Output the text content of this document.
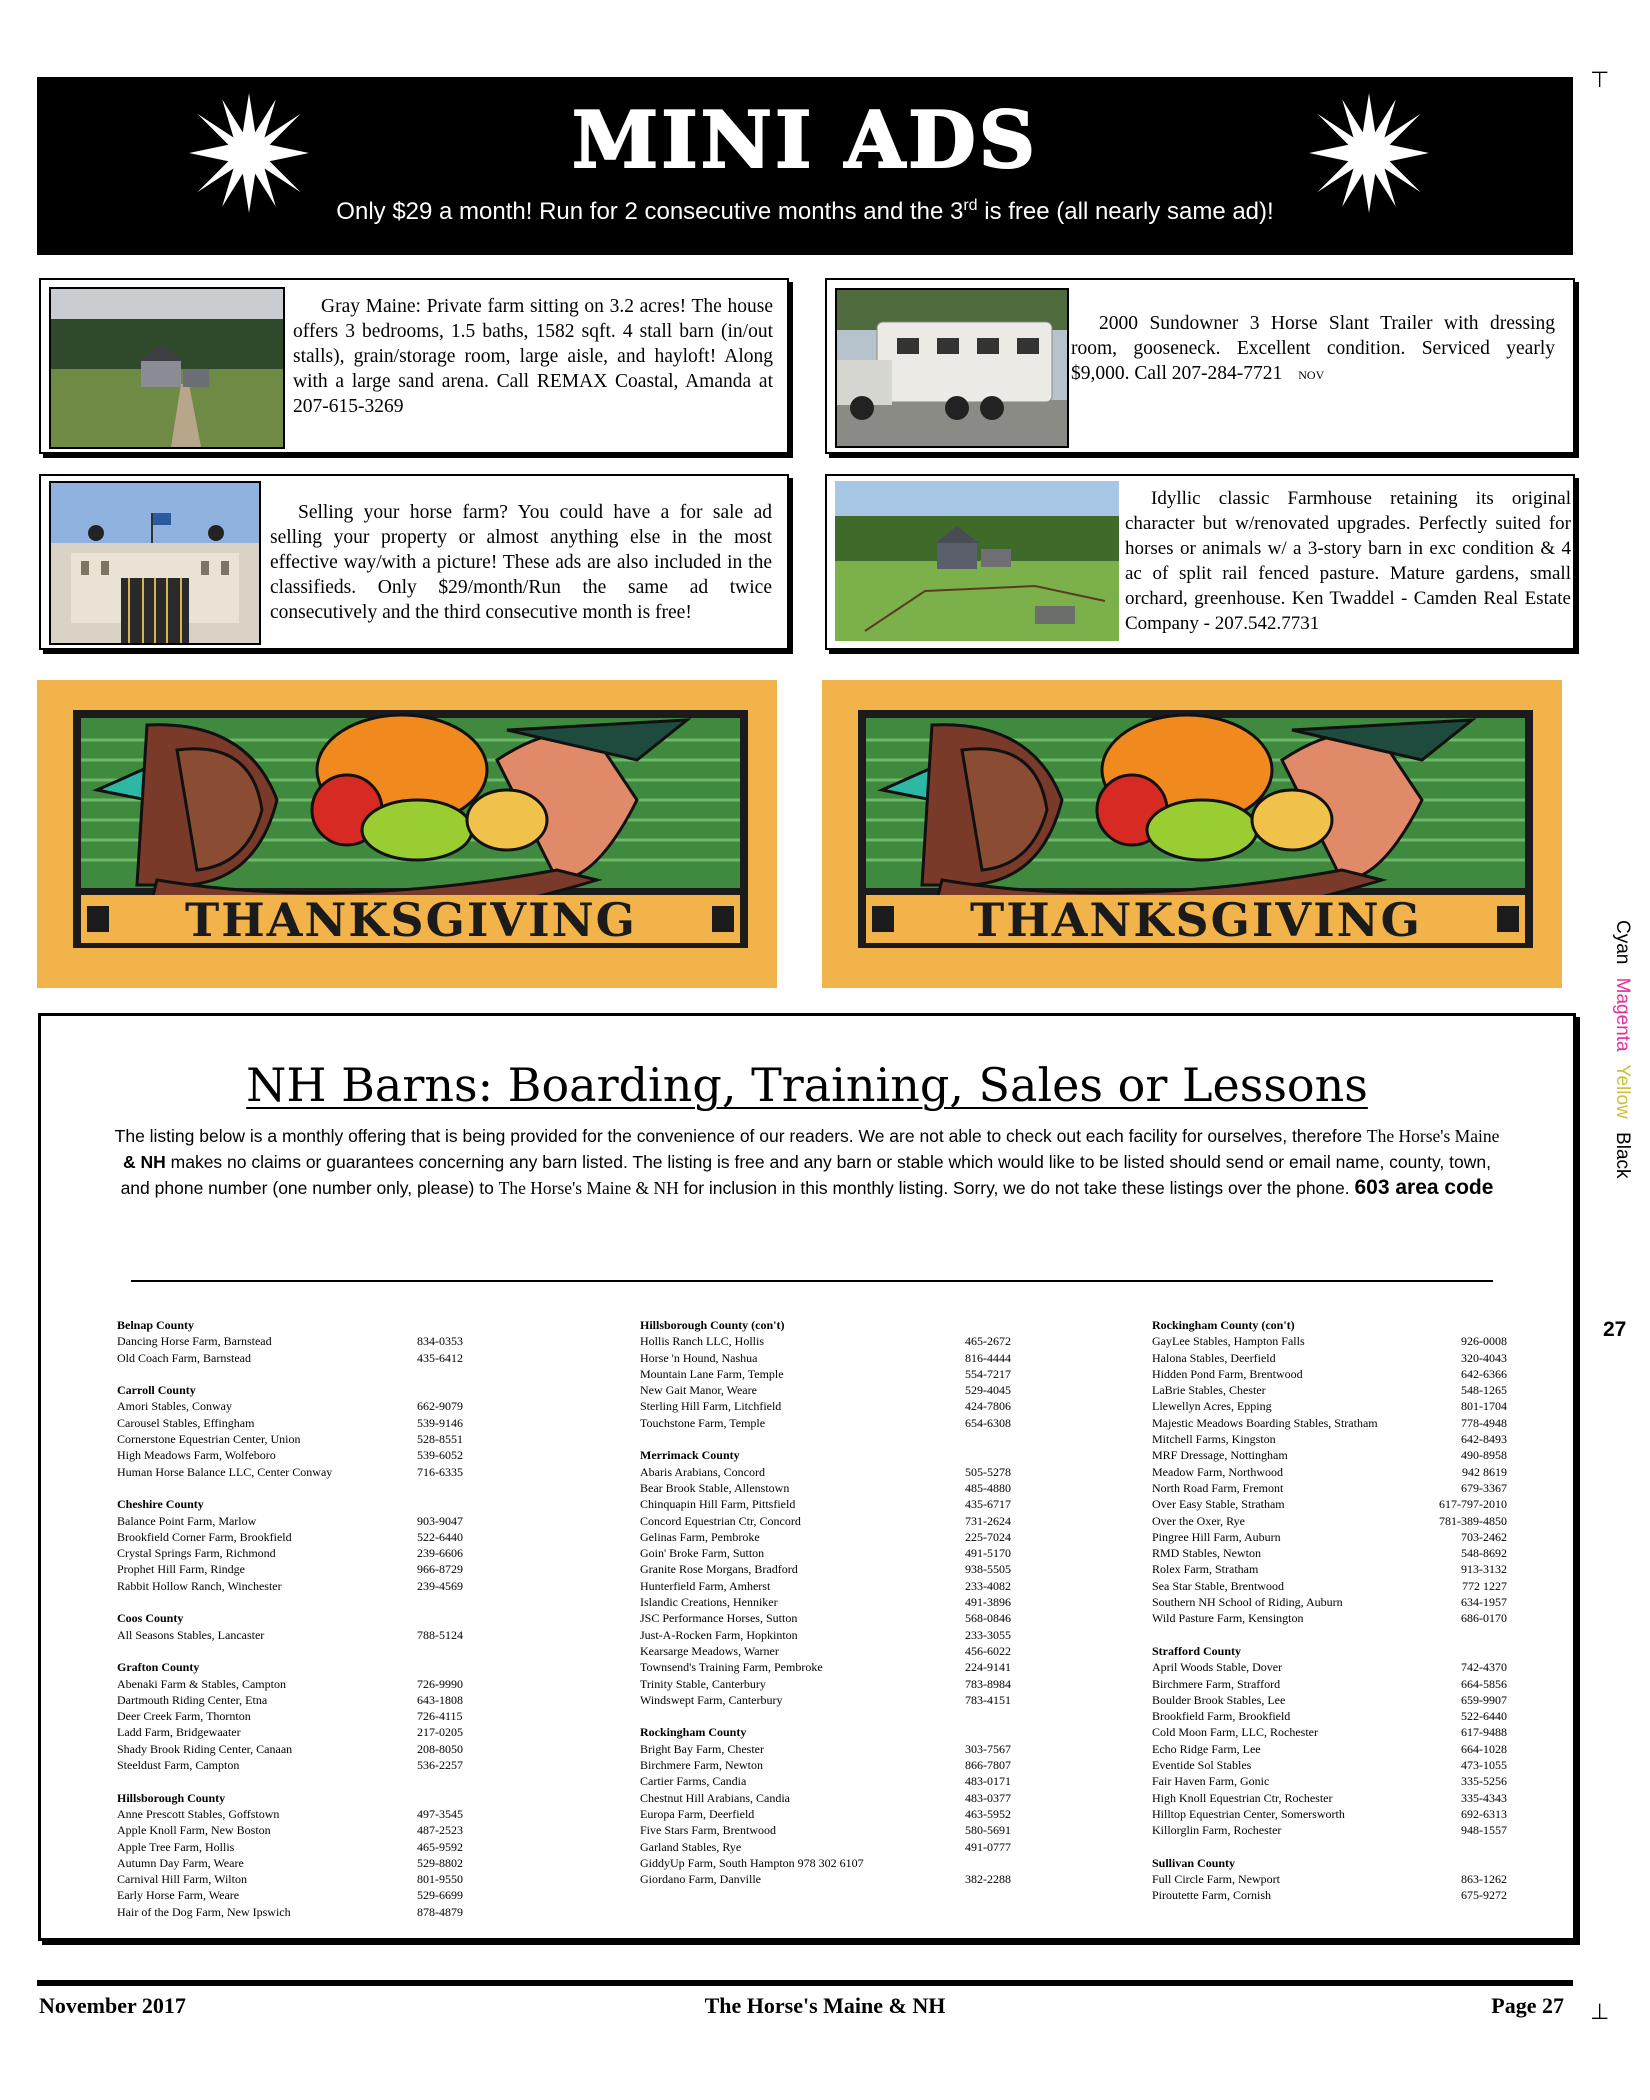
MINI ADS
Only $29 a month! Run for 2 consecutive months and the 3rd is free (all nearly same ad)!
Gray Maine: Private farm sitting on 3.2 acres! The house offers 3 bedrooms, 1.5 baths, 1582 sqft. 4 stall barn (in/out stalls), grain/storage room, large aisle, and hayloft! Along with a large sand arena. Call REMAX Coastal, Amanda at 207-615-3269
2000 Sundowner 3 Horse Slant Trailer with dressing room, gooseneck. Excellent condition. Serviced yearly $9,000. Call 207-284-7721 NOV
Selling your horse farm? You could have a for sale ad selling your property or almost anything else in the most effective way/with a picture! These ads are also included in the classifieds. Only $29/month/Run the same ad twice consecutively and the third consecutive month is free!
Idyllic classic Farmhouse retaining its original character but w/renovated upgrades. Perfectly suited for horses or animals w/ a 3-story barn in exc condition & 4 ac of split rail fenced pasture. Mature gardens, small orchard, greenhouse. Ken Twaddel - Camden Real Estate Company - 207.542.7731
THANKSGIVING	THANKSGIVING	Cyan Magenta Yellow Black
27
NH Barns: Boarding, Training, Sales or Lessons
The listing below is a monthly offering that is being provided for the convenience of our readers. We are not able to check out each facility for ourselves, therefore The Horse's Maine & NH makes no claims or guarantees concerning any barn listed. The listing is free and any barn or stable which would like to be listed should send or email name, county, town, and phone number (one number only, please) to The Horse's Maine & NH for inclusion in this monthly listing. Sorry, we do not take these listings over the phone. 603 area code
Belnap County
Dancing Horse Farm, Barnstead	834-0353
Old Coach Farm, Barnstead	435-6412
Carroll County
Amori Stables, Conway	662-9079
Carousel Stables, Effingham	539-9146
Cornerstone Equestrian Center, Union	528-8551
High Meadows Farm, Wolfeboro	539-6052
Human Horse Balance LLC, Center Conway	716-6335
Cheshire County
Balance Point Farm, Marlow	903-9047
Brookfield Corner Farm, Brookfield	522-6440
Crystal Springs Farm, Richmond	239-6606
Prophet Hill Farm, Rindge	966-8729
Rabbit Hollow Ranch, Winchester	239-4569
Coos County
All Seasons Stables, Lancaster	788-5124
Grafton County
Abenaki Farm & Stables, Campton	726-9990
Dartmouth Riding Center, Etna	643-1808
Deer Creek Farm, Thornton	726-4115
Ladd Farm, Bridgewaater	217-0205
Shady Brook Riding Center, Canaan	208-8050
Steeldust Farm, Campton	536-2257
Hillsborough County
Anne Prescott Stables, Goffstown	497-3545
Apple Knoll Farm, New Boston	487-2523
Apple Tree Farm, Hollis	465-9592
Autumn Day Farm, Weare	529-8802
Carnival Hill Farm, Wilton	801-9550
Early Horse Farm, Weare	529-6699
Hair of the Dog Farm, New Ipswich	878-4879
Hillsborough County (con't)
Hollis Ranch LLC, Hollis	465-2672
Horse 'n Hound, Nashua	816-4444
Mountain Lane Farm, Temple	554-7217
New Gait Manor, Weare	529-4045
Sterling Hill Farm, Litchfield	424-7806
Touchstone Farm, Temple	654-6308
Merrimack County
Abaris Arabians, Concord	505-5278
Bear Brook Stable, Allenstown	485-4880
Chinquapin Hill Farm, Pittsfield	435-6717
Concord Equestrian Ctr, Concord	731-2624
Gelinas Farm, Pembroke	225-7024
Goin' Broke Farm, Sutton	491-5170
Granite Rose Morgans, Bradford	938-5505
Hunterfield Farm, Amherst	233-4082
Islandic Creations, Henniker	491-3896
JSC Performance Horses, Sutton	568-0846
Just-A-Rocken Farm, Hopkinton	233-3055
Kearsarge Meadows, Warner	456-6022
Townsend's Training Farm, Pembroke	224-9141
Trinity Stable, Canterbury	783-8984
Windswept Farm, Canterbury	783-4151
Rockingham County
Bright Bay Farm, Chester	303-7567
Birchmere Farm, Newton	866-7807
Cartier Farms, Candia	483-0171
Chestnut Hill Arabians, Candia	483-0377
Europa Farm, Deerfield	463-5952
Five Stars Farm, Brentwood	580-5691
Garland Stables, Rye	491-0777
GiddyUp Farm, South Hampton 978 302 6107
Giordano Farm, Danville	382-2288
Rockingham County (con't)
GayLee Stables, Hampton Falls	926-0008
Halona Stables, Deerfield	320-4043
Hidden Pond Farm, Brentwood	642-6366
LaBrie Stables, Chester	548-1265
Llewellyn Acres, Epping	801-1704
Majestic Meadows Boarding Stables, Stratham	778-4948
Mitchell Farms, Kingston	642-8493
MRF Dressage, Nottingham	490-8958
Meadow Farm, Northwood	942 8619
North Road Farm, Fremont	679-3367
Over Easy Stable, Stratham	617-797-2010
Over the Oxer, Rye	781-389-4850
Pingree Hill Farm, Auburn	703-2462
RMD Stables, Newton	548-8692
Rolex Farm, Stratham	913-3132
Sea Star Stable, Brentwood	772 1227
Southern NH School of Riding, Auburn	634-1957
Wild Pasture Farm, Kensington	686-0170
Strafford County
April Woods Stable, Dover	742-4370
Birchmere Farm, Strafford	664-5856
Boulder Brook Stables, Lee	659-9907
Brookfield Farm, Brookfield	522-6440
Cold Moon Farm, LLC, Rochester	617-9488
Echo Ridge Farm, Lee	664-1028
Eventide Sol Stables	473-1055
Fair Haven Farm, Gonic	335-5256
High Knoll Equestrian Ctr, Rochester	335-4343
Hilltop Equestrian Center, Somersworth	692-6313
Killorglin Farm, Rochester	948-1557
Sullivan County
Full Circle Farm, Newport	863-1262
Piroutette Farm, Cornish	675-9272
November 2017	The Horse's Maine & NH	Page 27
⊤
⊥
